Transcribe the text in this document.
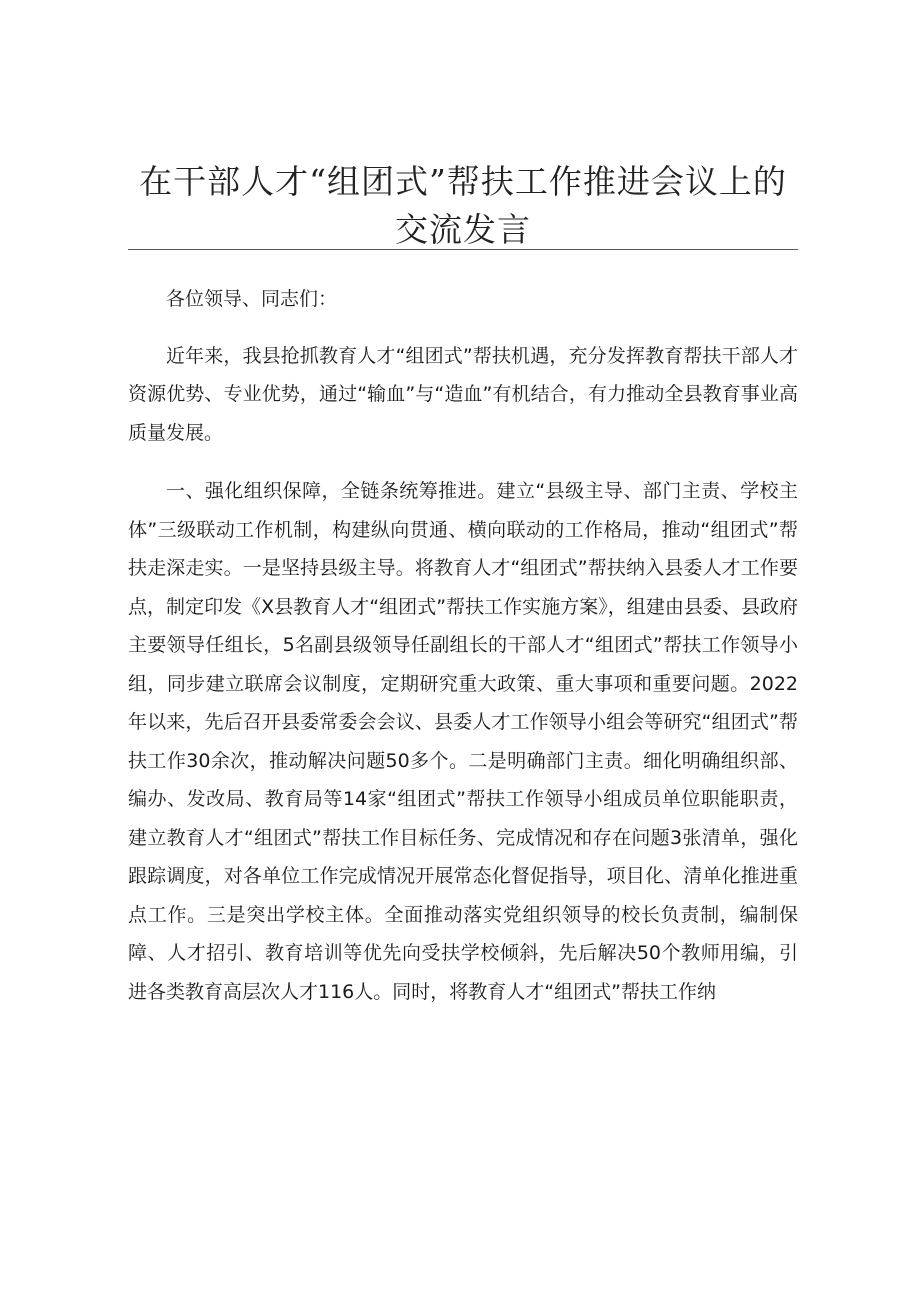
在干部人才“组团式”帮扶工作推进会议上的
交流发言

各位领导、同志们：

近年来，我县抢抓教育人才“组团式”帮扶机遇，充分发挥教育帮扶干部人才资源优势、专业优势，通过“输血”与“造血”有机结合，有力推动全县教育事业高质量发展。

一、强化组织保障，全链条统筹推进。建立“县级主导、部门主责、学校主体”三级联动工作机制，构建纵向贯通、横向联动的工作格局，推动“组团式”帮扶走深走实。一是坚持县级主导。将教育人才“组团式”帮扶纳入县委人才工作要点，制定印发《X县教育人才“组团式”帮扶工作实施方案》，组建由县委、县政府主要领导任组长，5名副县级领导任副组长的干部人才“组团式”帮扶工作领导小组，同步建立联席会议制度，定期研究重大政策、重大事项和重要问题。2022年以来，先后召开县委常委会会议、县委人才工作领导小组会等研究“组团式”帮扶工作30余次，推动解决问题50多个。二是明确部门主责。细化明确组织部、编办、发改局、教育局等14家“组团式”帮扶工作领导小组成员单位职能职责，建立教育人才“组团式”帮扶工作目标任务、完成情况和存在问题3张清单，强化跟踪调度，对各单位工作完成情况开展常态化督促指导，项目化、清单化推进重点工作。三是突出学校主体。全面推动落实党组织领导的校长负责制，编制保障、人才招引、教育培训等优先向受扶学校倾斜，先后解决50个教师用编，引进各类教育高层次人才116人。同时，将教育人才“组团式”帮扶工作纳
